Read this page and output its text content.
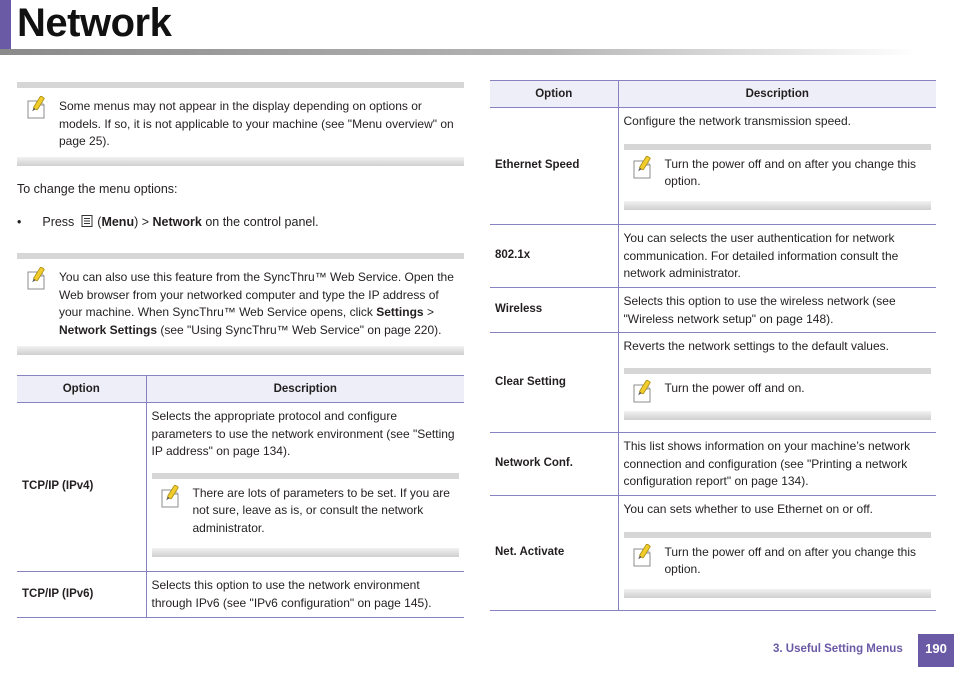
Network
Some menus may not appear in the display depending on options or models. If so, it is not applicable to your machine (see "Menu overview" on page 25).
To change the menu options:
• Press  (Menu) > Network on the control panel.
You can also use this feature from the SyncThru™ Web Service. Open the Web browser from your networked computer and type the IP address of your machine. When SyncThru™ Web Service opens, click Settings > Network Settings (see "Using SyncThru™ Web Service" on page 220).
Option	Description
TCP/IP (IPv4)	Selects the appropriate protocol and configure parameters to use the network environment (see "Setting IP address" on page 134).
There are lots of parameters to be set. If you are not sure, leave as is, or consult the network administrator.

TCP/IP (IPv6)	Selects this option to use the network environment through IPv6 (see "IPv6 configuration" on page 145).
Option	Description
Ethernet Speed	Configure the network transmission speed.
Turn the power off and on after you change this option.

802.1x	You can selects the user authentication for network communication. For detailed information consult the network administrator.
Wireless	Selects this option to use the wireless network (see "Wireless network setup" on page 148).
Clear Setting	Reverts the network settings to the default values.
Turn the power off and on.

Network Conf.	This list shows information on your machine’s network connection and configuration (see "Printing a network configuration report" on page 134).
Net. Activate	You can sets whether to use Ethernet on or off.
Turn the power off and on after you change this option.
3. Useful Setting Menus	190
